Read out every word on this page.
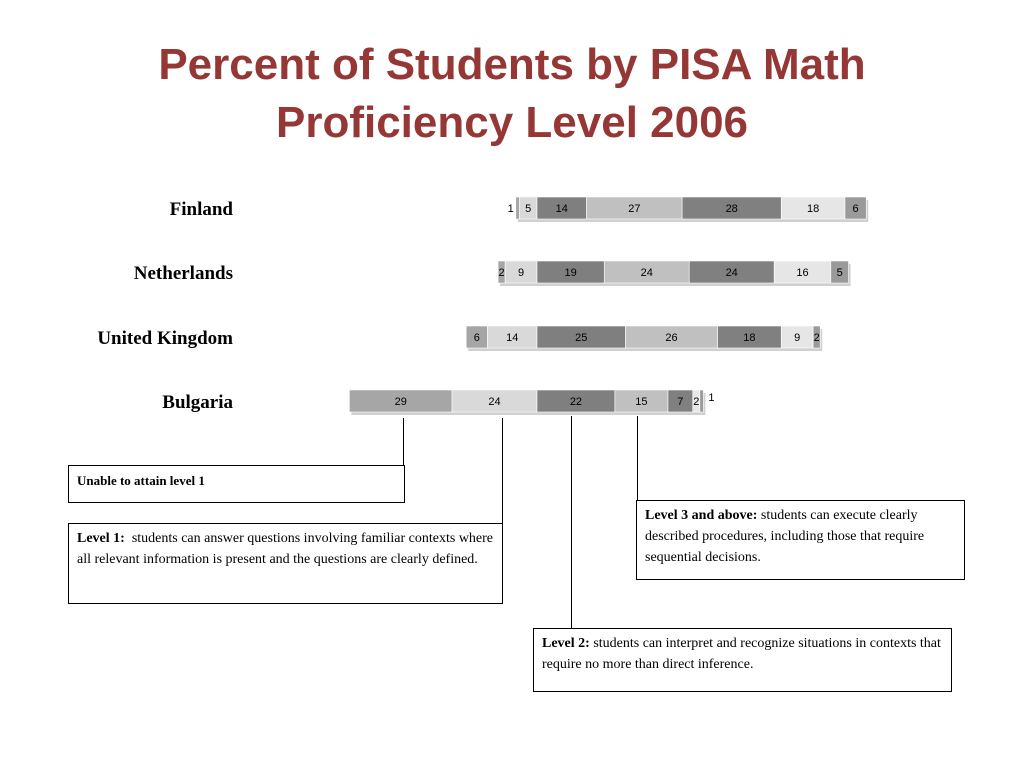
Percent of Students by PISA Math
Proficiency Level 2006
Finland	1 5 14	27	28	18	6
Netherlands	2 9	19	24	24	16	5
United Kingdom	6 14	25	26	18	9 2
Bulgaria	29	24	22	15	7 2 1
Unable to attain level 1
Level 1: students can answer questions involving familiar contexts where all relevant information is present and the questions are clearly defined.
Level 3 and above: students can execute clearly described procedures, including those that require sequential decisions.
Level 2: students can interpret and recognize situations in contexts that require no more than direct inference.
